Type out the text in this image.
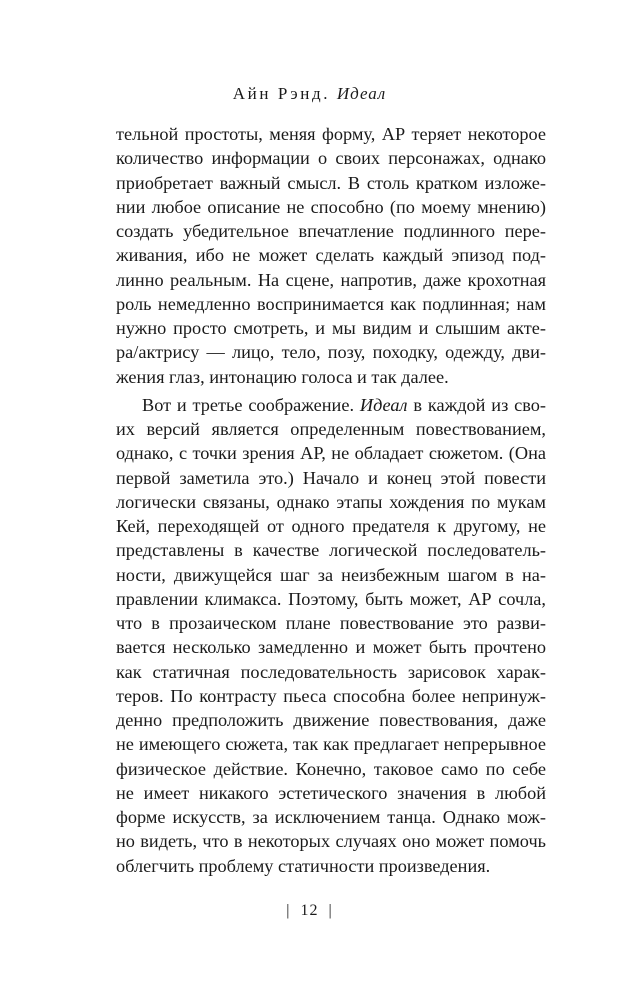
Айн Рэнд. Идеал
тельной простоты, меняя форму, АР теряет некоторое
количество информации о своих персонажах, однако
приобретает важный смысл. В столь кратком изложе-
нии любое описание не способно (по моему мнению)
создать убедительное впечатление подлинного пере-
живания, ибо не может сделать каждый эпизод под-
линно реальным. На сцене, напротив, даже крохотная
роль немедленно воспринимается как подлинная; нам
нужно просто смотреть, и мы видим и слышим акте-
ра/актрису — лицо, тело, позу, походку, одежду, дви-
жения глаз, интонацию голоса и так далее.
Вот и третье соображение. Идеал в каждой из сво-
их версий является определенным повествованием,
однако, с точки зрения АР, не обладает сюжетом. (Она
первой заметила это.) Начало и конец этой повести
логически связаны, однако этапы хождения по мукам
Кей, переходящей от одного предателя к другому, не
представлены в качестве логической последователь-
ности, движущейся шаг за неизбежным шагом в на-
правлении климакса. Поэтому, быть может, АР сочла,
что в прозаическом плане повествование это разви-
вается несколько замедленно и может быть прочтено
как статичная последовательность зарисовок харак-
теров. По контрасту пьеса способна более непринуж-
денно предположить движение повествования, даже
не имеющего сюжета, так как предлагает непрерывное
физическое действие. Конечно, таковое само по себе
не имеет никакого эстетического значения в любой
форме искусств, за исключением танца. Однако мож-
но видеть, что в некоторых случаях оно может помочь
облегчить проблему статичности произведения.
| 12 |
